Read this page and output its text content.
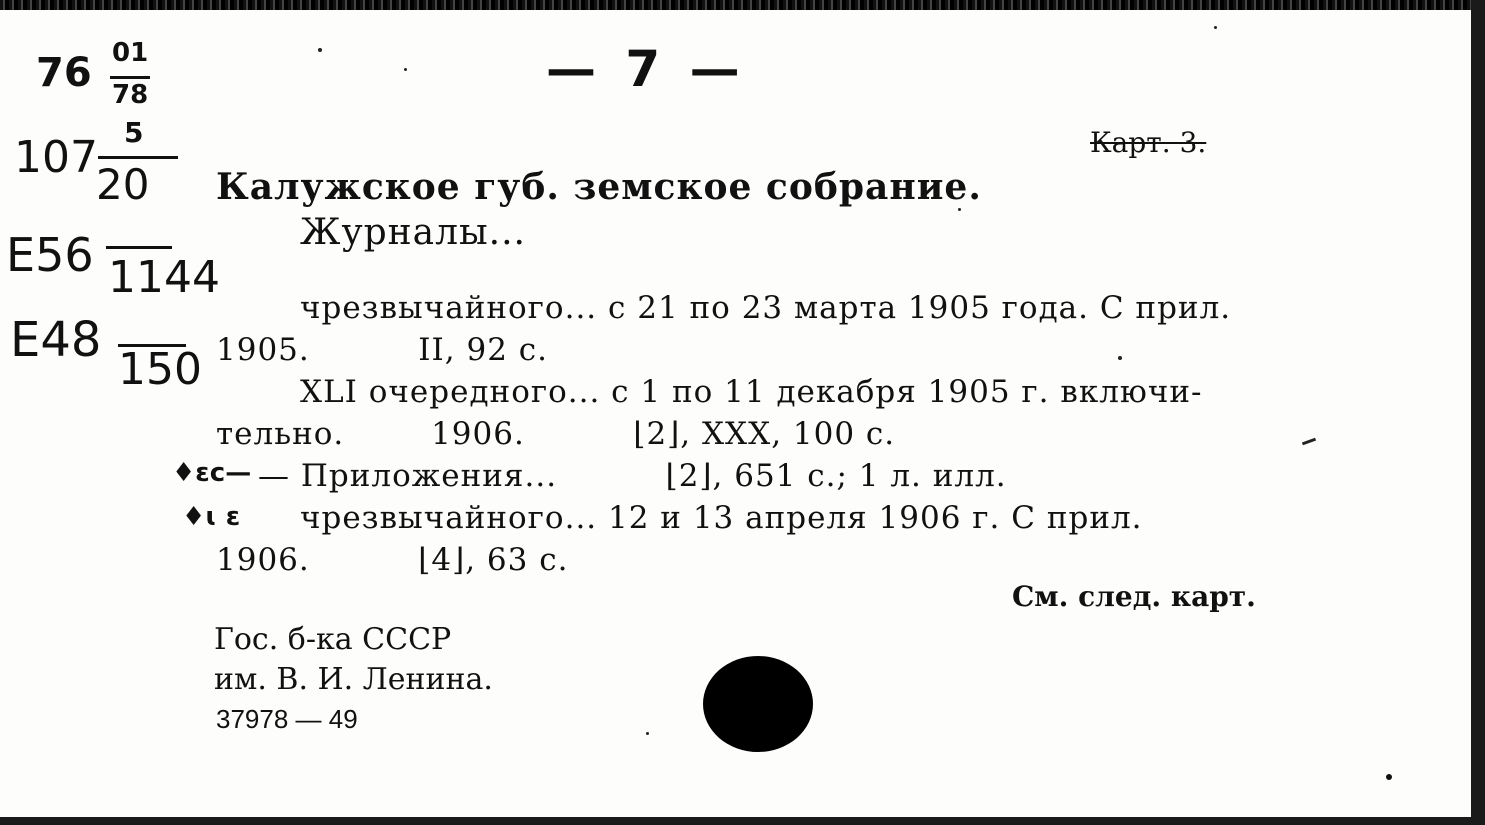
76 01
78
107 5
20
E56 1144
E48
150
— 7 —
Карт. 3.
Калужское губ. земское собрание.
Журналы...
чрезвычайного... с 21 по 23 марта 1905 года. С прил.
1905.          II, 92 с.
XLI очередного... с 1 по 11 декабря 1905 г. включи-
тельно.        1906.          ⌊2⌋, XXX, 100 с.
♦ɛc— — Приложения...          ⌊2⌋, 651 с.; 1 л. илл.
♦ɩ ɛ чрезвычайного... 12 и 13 апреля 1906 г. С прил.
1906.          ⌊4⌋, 63 с.
См. след. карт.
Гос. б-ка СССР
им. В. И. Ленина.
37978 — 49
